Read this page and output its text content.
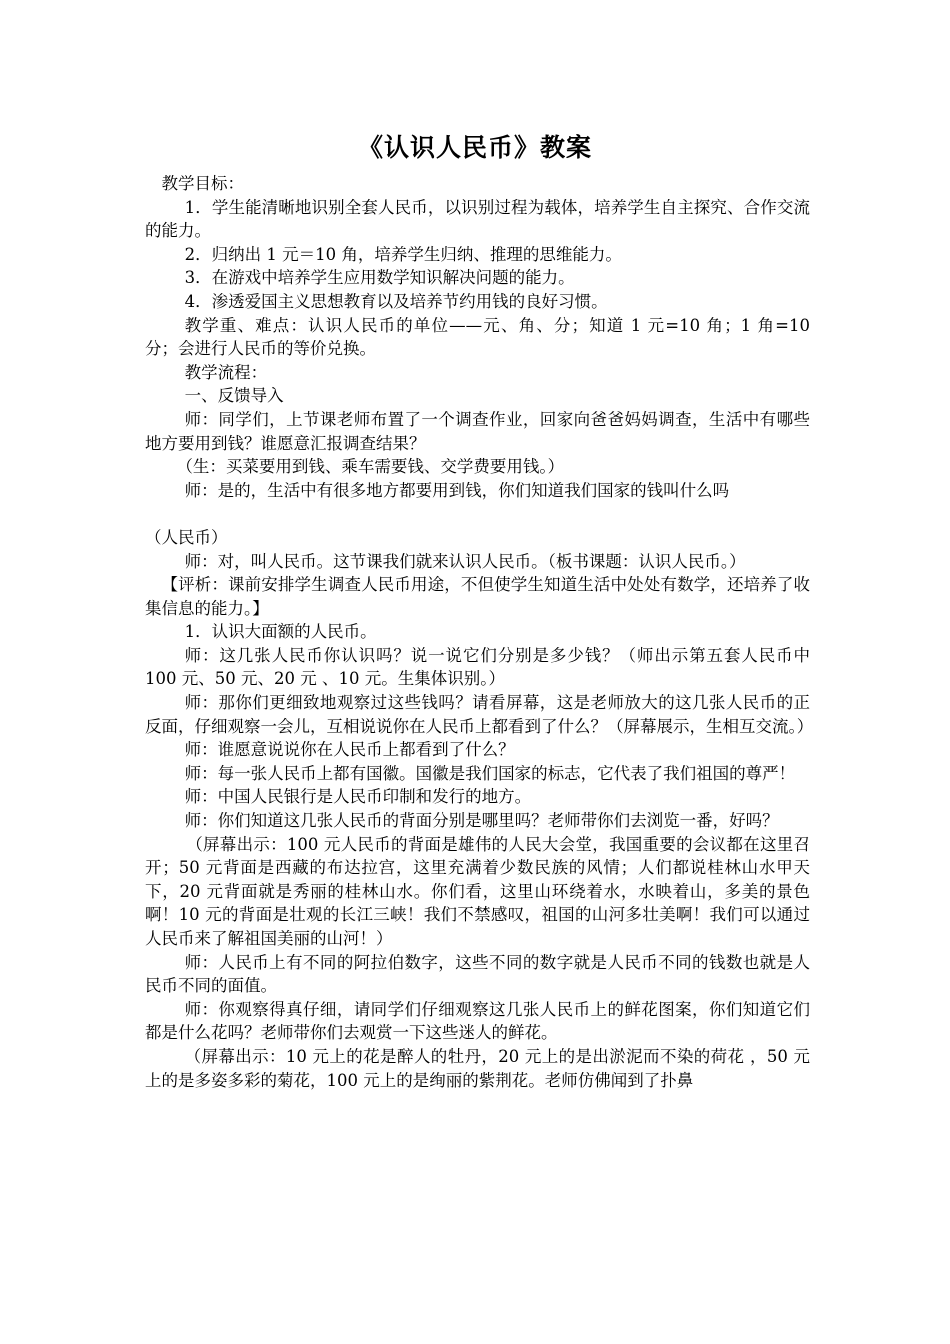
《认识人民币》教案

教学目标：

1．学生能清晰地识别全套人民币，以识别过程为载体，培养学生自主探究、合作交流的能力。

2．归纳出 1 元＝10 角，培养学生归纳、推理的思维能力。

3．在游戏中培养学生应用数学知识解决问题的能力。

4．渗透爱国主义思想教育以及培养节约用钱的良好习惯。

教学重、难点：认识人民币的单位——元、角、分；知道 1 元=10 角；1 角=10 分；会进行人民币的等价兑换。

教学流程：

一、反馈导入

师：同学们，上节课老师布置了一个调查作业，回家向爸爸妈妈调查，生活中有哪些地方要用到钱？谁愿意汇报调查结果？

（生：买菜要用到钱、乘车需要钱、交学费要用钱。）

师：是的，生活中有很多地方都要用到钱，你们知道我们国家的钱叫什么吗

（人民币）

师：对，叫人民币。这节课我们就来认识人民币。（板书课题：认识人民币。）

【评析：课前安排学生调查人民币用途，不但使学生知道生活中处处有数学，还培养了收集信息的能力。】

1．认识大面额的人民币。

师：这几张人民币你认识吗？说一说它们分别是多少钱？（师出示第五套人民币中 100 元、50 元、20 元 、10 元。生集体识别。）

师：那你们更细致地观察过这些钱吗？请看屏幕，这是老师放大的这几张人民币的正反面，仔细观察一会儿，互相说说你在人民币上都看到了什么？（屏幕展示，生相互交流。）

师：谁愿意说说你在人民币上都看到了什么？

师：每一张人民币上都有国徽。国徽是我们国家的标志，它代表了我们祖国的尊严！

师：中国人民银行是人民币印制和发行的地方。

师：你们知道这几张人民币的背面分别是哪里吗？老师带你们去浏览一番，好吗？

（屏幕出示：100 元人民币的背面是雄伟的人民大会堂，我国重要的会议都在这里召开；50 元背面是西藏的布达拉宫，这里充满着少数民族的风情；人们都说桂林山水甲天下，20 元背面就是秀丽的桂林山水。你们看，这里山环绕着水，水映着山，多美的景色啊！10 元的背面是壮观的长江三峡！我们不禁感叹，祖国的山河多壮美啊！我们可以通过人民币来了解祖国美丽的山河！）

师：人民币上有不同的阿拉伯数字，这些不同的数字就是人民币不同的钱数也就是人民币不同的面值。

师：你观察得真仔细，请同学们仔细观察这几张人民币上的鲜花图案，你们知道它们都是什么花吗？老师带你们去观赏一下这些迷人的鲜花。

（屏幕出示：10 元上的花是醉人的牡丹，20 元上的是出淤泥而不染的荷花 ，50 元上的是多姿多彩的菊花，100 元上的是绚丽的紫荆花。老师仿佛闻到了扑鼻
